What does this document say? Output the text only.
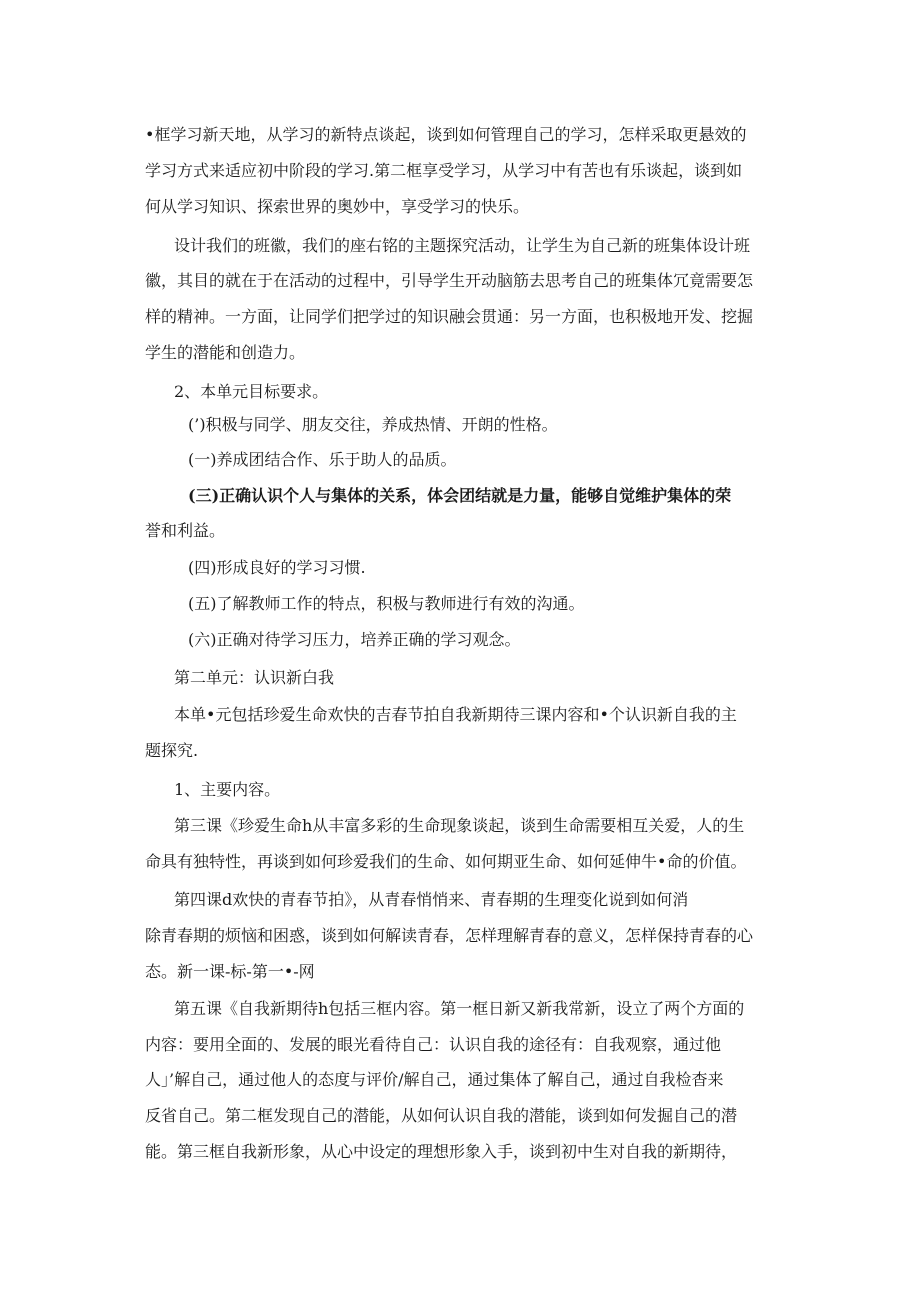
•框学习新天地，从学习的新特点谈起，谈到如何管理自己的学习，怎样采取更悬效的
学习方式来适应初中阶段的学习.第二框享受学习，从学习中有苦也有乐谈起，谈到如
何从学习知识、探索世界的奥妙中，享受学习的快乐。
设计我们的班徽，我们的座右铭的主题探究活动，让学生为自己新的班集体设计班
徽，其目的就在于在活动的过程中，引导学生开动脑筋去思考自己的班集体冗竟需要怎
样的精神。一方面，让同学们把学过的知识融会贯通：另一方面，也积极地开发、挖掘
学生的潜能和创造力。
2、本单元目标要求。
(’)积极与同学、朋友交往，养成热情、开朗的性格。
(一)养成团结合作、乐于助人的品质。
(三)正确认识个人与集体的关系，体会团结就是力量，能够自觉维护集体的荣
誉和利益。
(四)形成良好的学习习惯.
(五)了解教师工作的特点，积极与教师进行有效的沟通。
(六)正确对待学习压力，培养正确的学习观念。
第二单元：认识新白我
本单•元包括珍爱生命欢快的吉春节拍自我新期待三课内容和•个认识新自我的主
题探究.
1、主要内容。
第三课《珍爱生命h从丰富多彩的生命现象谈起，谈到生命需要相互关爱，人的生
命具有独特性，再谈到如何珍爱我们的生命、如何期亚生命、如何延伸牛•命的价值。
第四课d欢快的青春节拍》，从青春悄悄来、青春期的生理变化说到如何消
除青春期的烦恼和困惑，谈到如何解读青春，怎样理解青春的意义，怎样保持青春的心
态。新一课-标-第一•-网
第五课《自我新期待h包括三框内容。第一框日新又新我常新，设立了两个方面的
内容：要用全面的、发展的眼光看待自己：认识自我的途径有：自我观察，通过他
人」’解自己，通过他人的态度与评价/解自己，通过集体了解自己，通过自我检杳来
反省自己。第二框发现自己的潜能，从如何认识自我的潜能，谈到如何发掘自己的潜
能。第三框自我新形象，从心中设定的理想形象入手，谈到初中生对自我的新期待，
